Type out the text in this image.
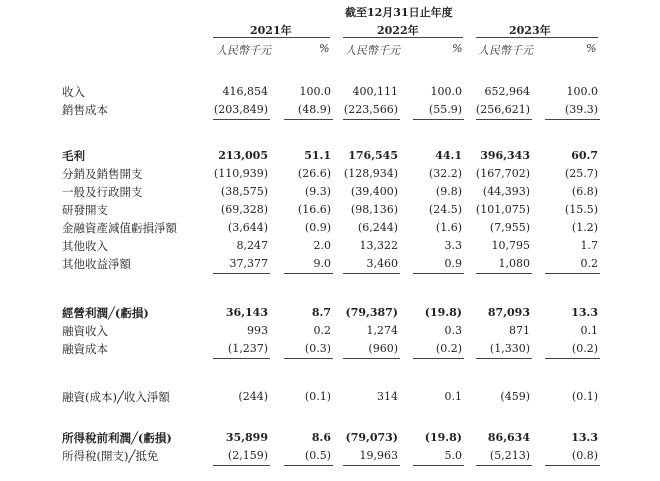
截至12月31日止年度
2021年	2022年	2023年
人民幣千元	% 人民幣千元	% 人民幣千元	%
收入	416,854	100.0	400,111	100.0	652,964	100.0
銷售成本	(203,849)	(48.9)	(223,566)	(55.9)	(256,621)	(39.3)
毛利	213,005	51.1	176,545	44.1	396,343	60.7
分銷及銷售開支	(110,939)	(26.6)	(128,934)	(32.2)	(167,702)	(25.7)
一般及行政開支	(38,575)	(9.3)	(39,400)	(9.8)	(44,393)	(6.8)
研發開支	(69,328)	(16.6)	(98,136)	(24.5)	(101,075)	(15.5)
金融資產減值虧損淨額	(3,644)	(0.9)	(6,244)	(1.6)	(7,955)	(1.2)
其他收入	8,247	2.0	13,322	3.3	10,795	1.7
其他收益淨額	37,377	9.0	3,460	0.9	1,080	0.2
經營利潤╱(虧損)	36,143	8.7	(79,387)	(19.8)	87,093	13.3
融資收入	993	0.2	1,274	0.3	871	0.1
融資成本	(1,237)	(0.3)	(960)	(0.2)	(1,330)	(0.2)
融資(成本)╱收入淨額	(244)	(0.1)	314	0.1	(459)	(0.1)
所得稅前利潤╱(虧損)	35,899	8.6	(79,073)	(19.8)	86,634	13.3
所得稅(開支)╱抵免	(2,159)	(0.5)	19,963	5.0	(5,213)	(0.8)
